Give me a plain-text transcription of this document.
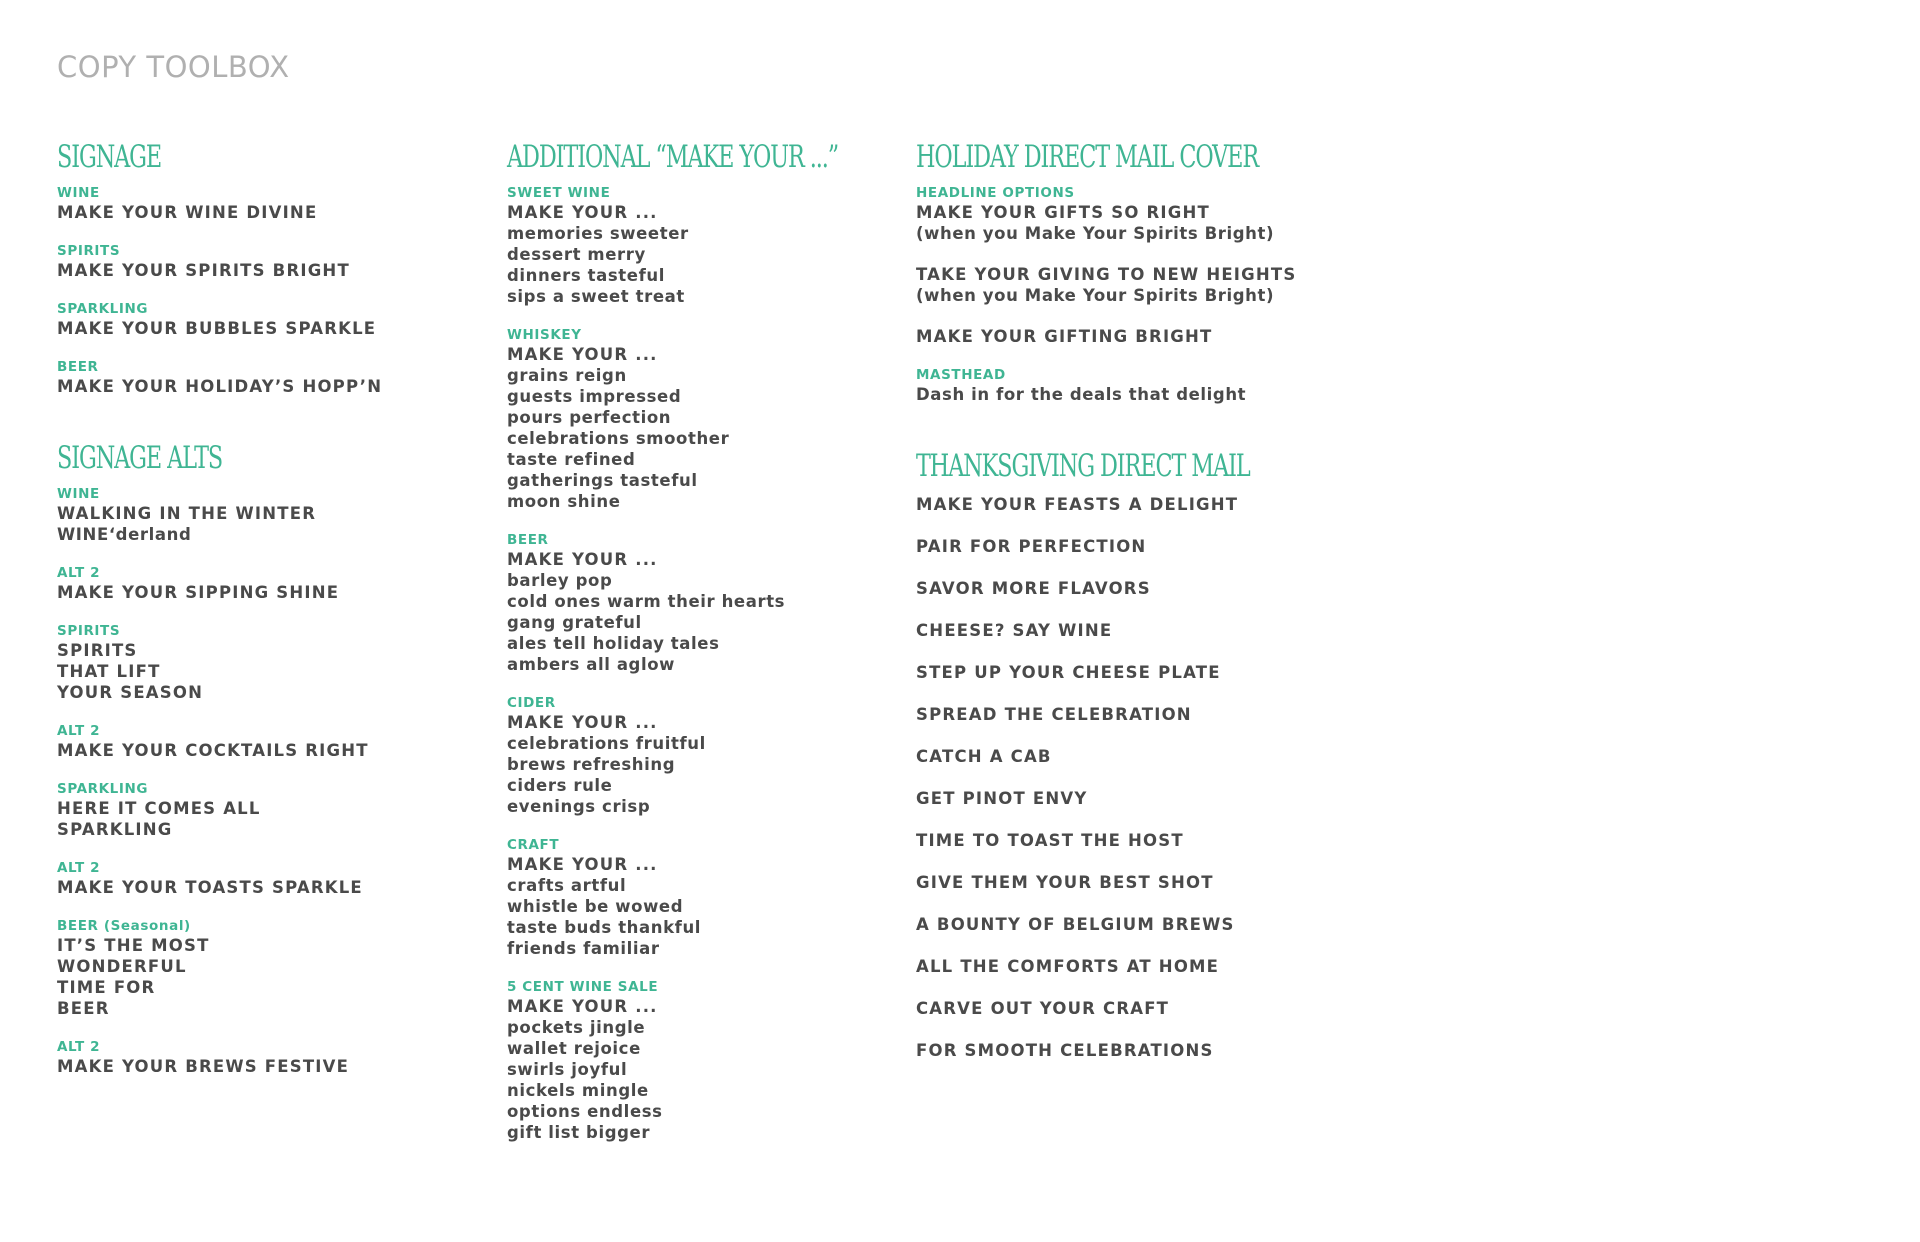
COPY TOOLBOX
SIGNAGE
WINE
MAKE YOUR WINE DIVINE
SPIRITS
MAKE YOUR SPIRITS BRIGHT
SPARKLING
MAKE YOUR BUBBLES SPARKLE
BEER
MAKE YOUR HOLIDAY’S HOPP’N
SIGNAGE ALTS
WINE
WALKING IN THE WINTER
WINE‘derland
ALT 2
MAKE YOUR SIPPING SHINE
SPIRITS
SPIRITS
THAT LIFT
YOUR SEASON
ALT 2
MAKE YOUR COCKTAILS RIGHT
SPARKLING
HERE IT COMES ALL
SPARKLING
ALT 2
MAKE YOUR TOASTS SPARKLE
BEER (Seasonal)
IT’S THE MOST
WONDERFUL
TIME FOR
BEER
ALT 2
MAKE YOUR BREWS FESTIVE
ADDITIONAL “MAKE YOUR ...”
SWEET WINE
MAKE YOUR ...
memories sweeter
dessert merry
dinners tasteful
sips a sweet treat
WHISKEY
MAKE YOUR ...
grains reign
guests impressed
pours perfection
celebrations smoother
taste refined
gatherings tasteful
moon shine
BEER
MAKE YOUR ...
barley pop
cold ones warm their hearts
gang grateful
ales tell holiday tales
ambers all aglow
CIDER
MAKE YOUR ...
celebrations fruitful
brews refreshing
ciders rule
evenings crisp
CRAFT
MAKE YOUR ...
crafts artful
whistle be wowed
taste buds thankful
friends familiar
5 CENT WINE SALE
MAKE YOUR ...
pockets jingle
wallet rejoice
swirls joyful
nickels mingle
options endless
gift list bigger
HOLIDAY DIRECT MAIL COVER
HEADLINE OPTIONS
MAKE YOUR GIFTS SO RIGHT
(when you Make Your Spirits Bright)
TAKE YOUR GIVING TO NEW HEIGHTS
(when you Make Your Spirits Bright)
MAKE YOUR GIFTING BRIGHT
MASTHEAD
Dash in for the deals that delight
THANKSGIVING DIRECT MAIL
MAKE YOUR FEASTS A DELIGHT
PAIR FOR PERFECTION
SAVOR MORE FLAVORS
CHEESE? SAY WINE
STEP UP YOUR CHEESE PLATE
SPREAD THE CELEBRATION
CATCH A CAB
GET PINOT ENVY
TIME TO TOAST THE HOST
GIVE THEM YOUR BEST SHOT
A BOUNTY OF BELGIUM BREWS
ALL THE COMFORTS AT HOME
CARVE OUT YOUR CRAFT
FOR SMOOTH CELEBRATIONS
